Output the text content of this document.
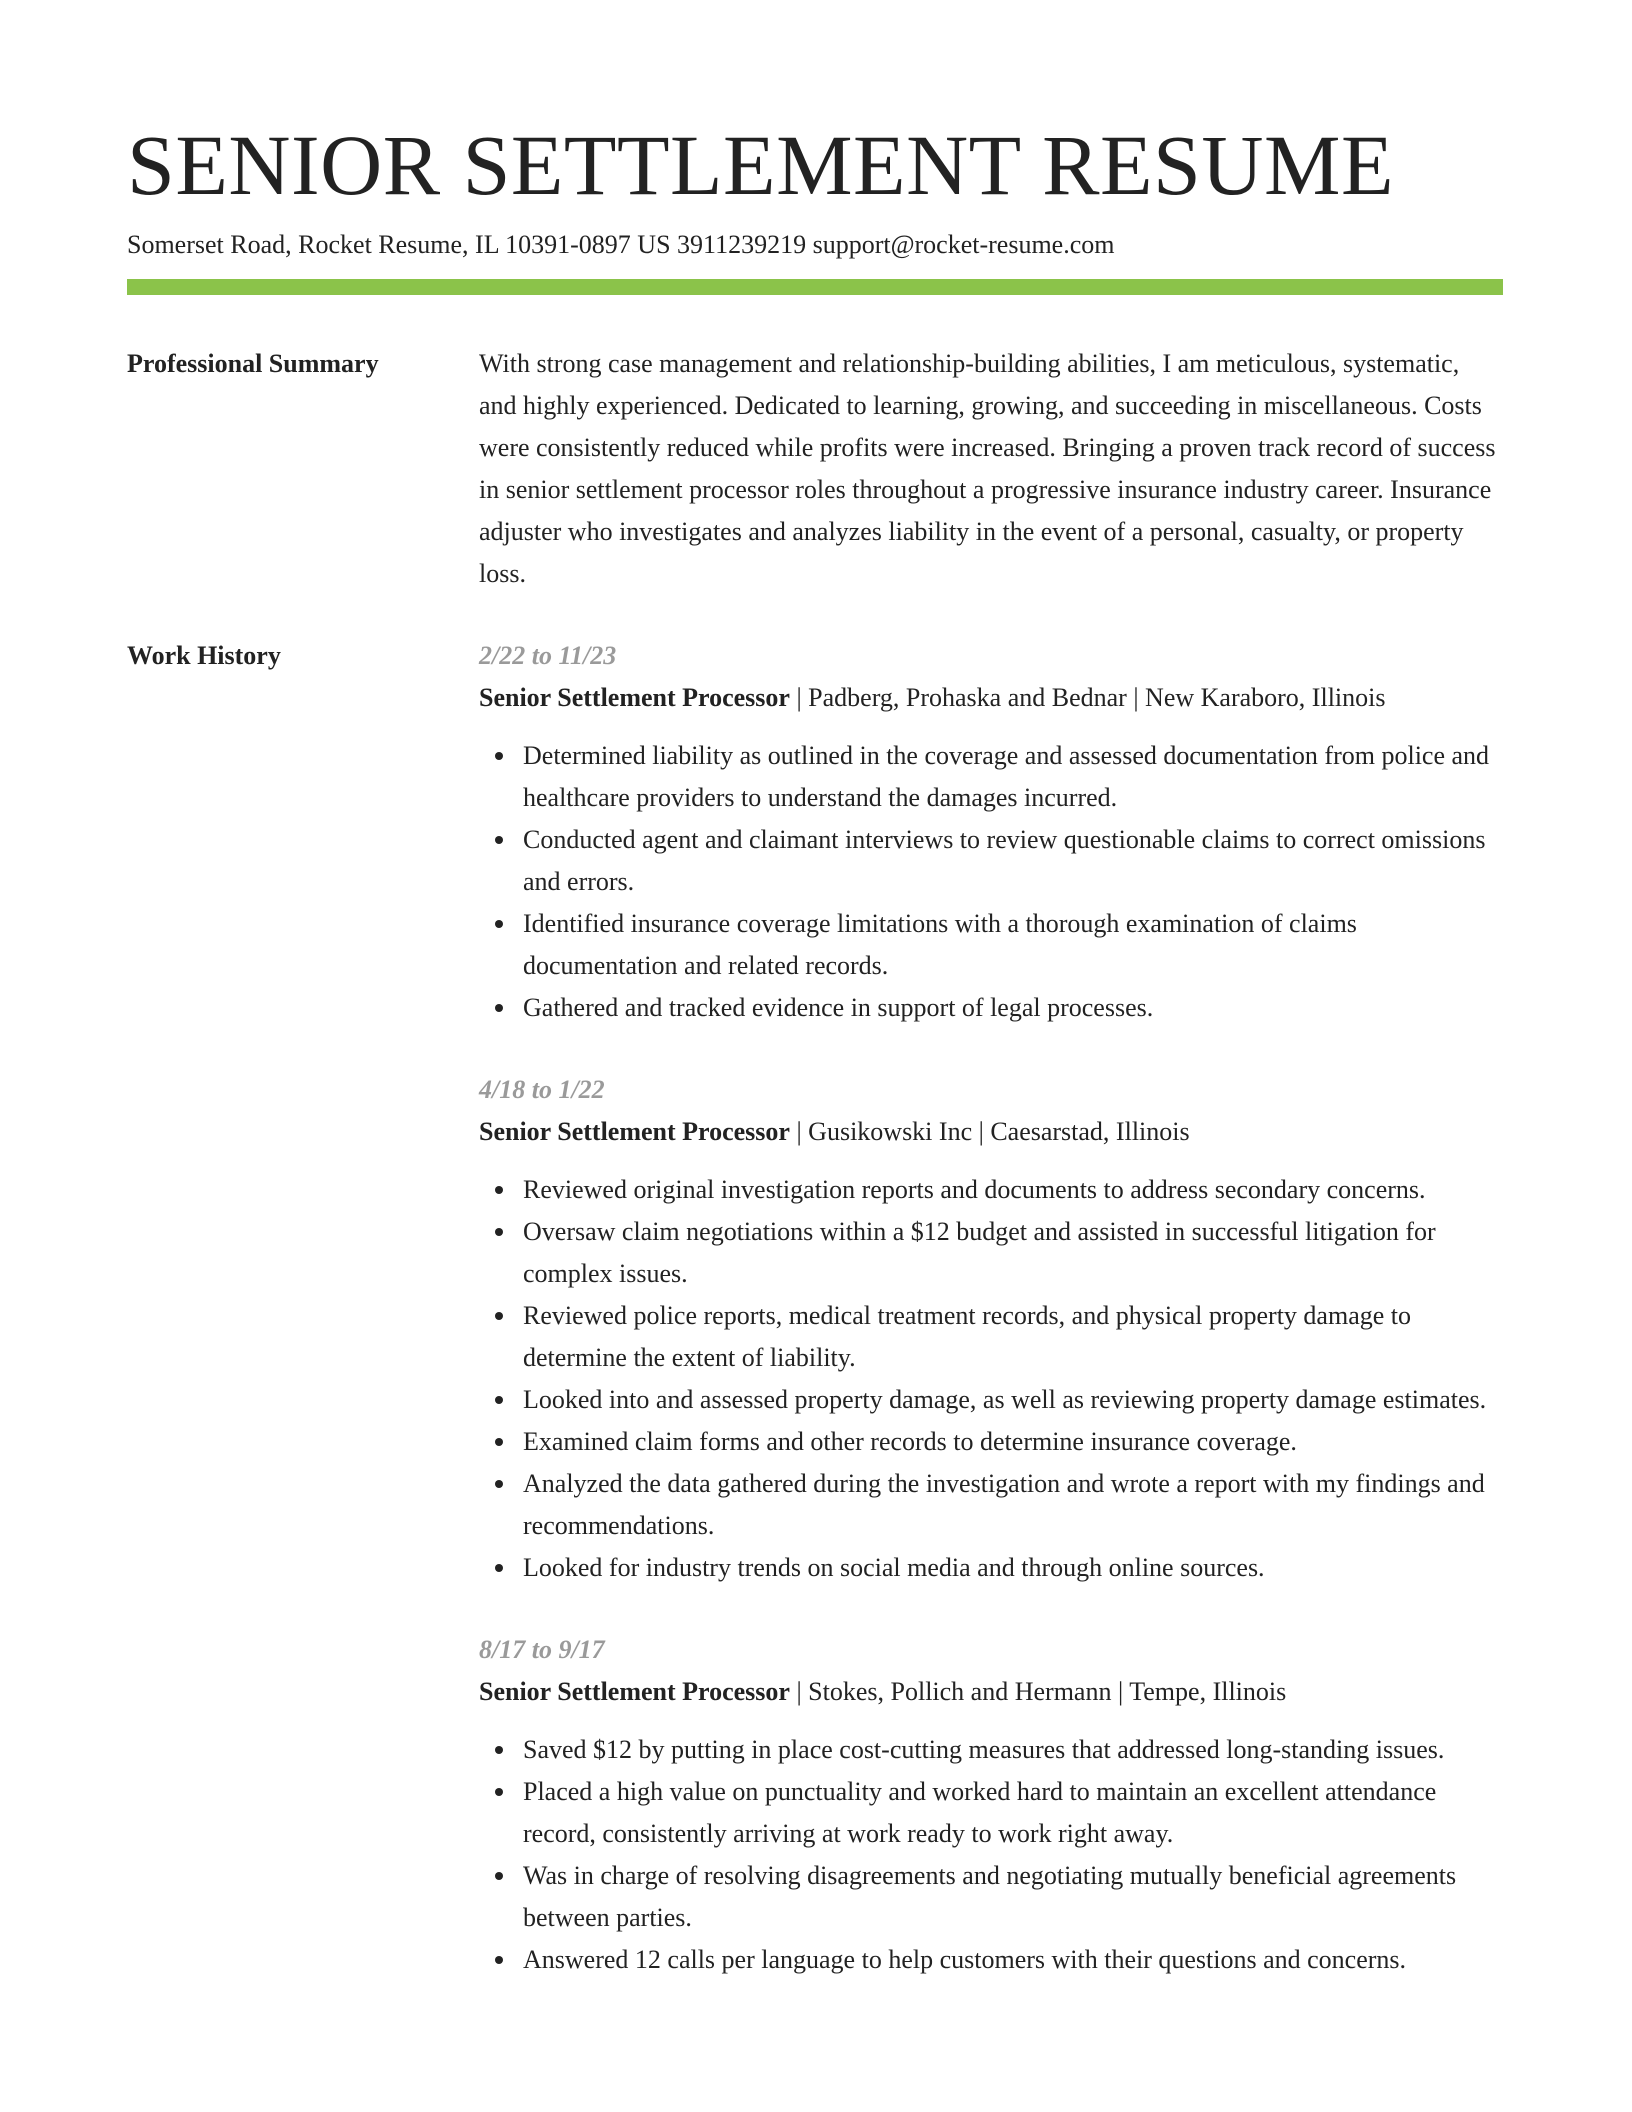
SENIOR SETTLEMENT RESUME
Somerset Road, Rocket Resume, IL 10391-0897 US 3911239219 support@rocket-resume.com
Professional Summary	With strong case management and relationship-building abilities, I am meticulous, systematic, and highly experienced. Dedicated to learning, growing, and succeeding in miscellaneous. Costs were consistently reduced while profits were increased. Bringing a proven track record of success in senior settlement processor roles throughout a progressive insurance industry career. Insurance adjuster who investigates and analyzes liability in the event of a personal, casualty, or property loss.

Work History	2/22 to 11/23
Senior Settlement Processor | Padberg, Prohaska and Bednar | New Karaboro, Illinois
Determined liability as outlined in the coverage and assessed documentation from police and healthcare providers to understand the damages incurred.
Conducted agent and claimant interviews to review questionable claims to correct omissions and errors.
Identified insurance coverage limitations with a thorough examination of claims documentation and related records.
Gathered and tracked evidence in support of legal processes.
4/18 to 1/22
Senior Settlement Processor | Gusikowski Inc | Caesarstad, Illinois
Reviewed original investigation reports and documents to address secondary concerns.
Oversaw claim negotiations within a $12 budget and assisted in successful litigation for complex issues.
Reviewed police reports, medical treatment records, and physical property damage to determine the extent of liability.
Looked into and assessed property damage, as well as reviewing property damage estimates.
Examined claim forms and other records to determine insurance coverage.
Analyzed the data gathered during the investigation and wrote a report with my findings and recommendations.
Looked for industry trends on social media and through online sources.
8/17 to 9/17
Senior Settlement Processor | Stokes, Pollich and Hermann | Tempe, Illinois
Saved $12 by putting in place cost-cutting measures that addressed long-standing issues.
Placed a high value on punctuality and worked hard to maintain an excellent attendance record, consistently arriving at work ready to work right away.
Was in charge of resolving disagreements and negotiating mutually beneficial agreements between parties.
Answered 12 calls per language to help customers with their questions and concerns.
